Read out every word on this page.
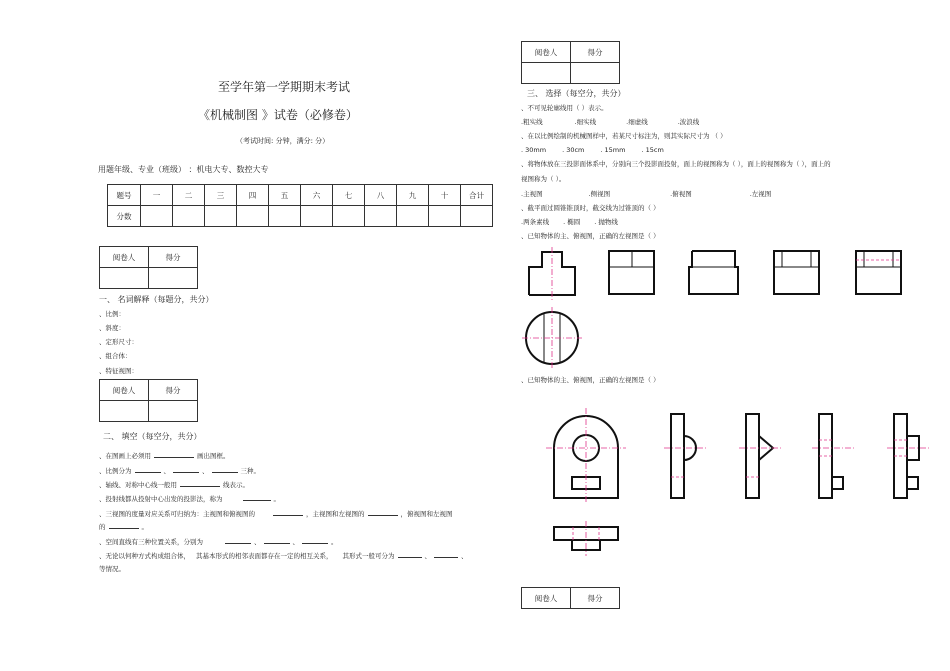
至学年第一学期期末考试
《机械制图 》试卷（必修卷）
（考试时间: 分钟，满分: 分）
用题年级、专业（班级） ：机电大专、数控大专
题号	一	二	三	四	五	六	七	八	九	十	合计
分数											
阅卷人	得分

一、 名词解释（每题分，共分）
、比例：
、斜度：
、定形尺寸：
、组合体：
、特征视图：
阅卷人	得分

二、 填空（每空分，共分）
、在图画上必须用	画出图框。
、比例分为	、	、	三种。
、轴线、对称中心线一般用	线表示。
、投射线都从投射中心出发的投影法，称为	。
、三视图的度量对应关系可归纳为：主视图和俯视图的	，主视图和左视图的	，俯视图和左视图
的	。
、空间直线有三种位置关系，分别为	、	、	。
、无论以何种方式构成组合体， 其基本形式的相邻表面都存在一定的相互关系， 其形式一般可分为	、	、
等情况。
阅卷人	得分

三、 选择（每空分，共分）
、不可见轮廓线用（ ）表示。
.粗实线	.细实线	.细虚线	.波浪线
、在以比例绘制的机械图样中，若某尺寸标注为，则其实际尺寸为 （ ）
. 30mm . 30cm . 15mm . 15cm
、将物体放在三投影面体系中，分别向三个投影面投射，面上的视图称为（ ），面上的视图称为（ ），面上的
视图称为（ ）。
.主视图	.侧视图	.俯视图	.左视图
、截平面过圆锥锥顶时，截交线为过锥顶的（ ）
.两条素线 . 椭圆 . 抛物线
、已知物体的主、俯视图，正确的左视图是（ ）
、已知物体的主、俯视图，正确的左视图是（ ）
阅卷人	得分
